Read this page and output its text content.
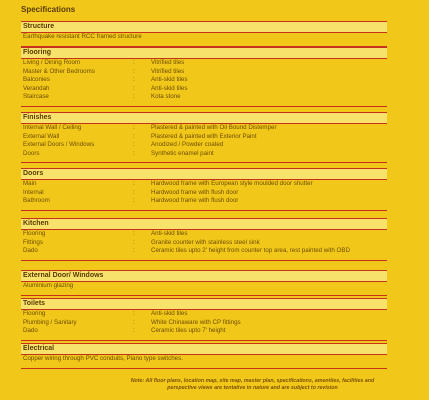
Specifications
Structure
Earthquake resistant RCC framed structure
Flooring
Living / Dining Room	:	Vitrified tiles
Master & Other Bedrooms	:	Vitrified tiles
Balconies	:	Anti-skid tiles
Verandah	:	Anti-skid tiles
Staircase	:	Kota stone
Finishes
Internal Wall / Ceiling	:	Plastered & painted with Oil Bound Distemper
External Wall	:	Plastered & painted with Exterior Paint
External Doors / Windows	:	Anodized / Powder coated
Doors	:	Synthetic enamel paint
Doors
Main	:	Hardwood frame with European style moulded door shutter
Internal	:	Hardwood frame with flush door
Bathroom	:	Hardwood frame with flush door
Kitchen
Flooring	:	Anti-skid tiles
Fittings	:	Granite counter with stainless steel sink
Dado	:	Ceramic tiles upto 2' height from counter top area, rest painted with OBD
External Door/ Windows
Aluminium glazing
Toilets
Flooring	:	Anti-skid tiles
Plumbing / Sanitary	:	White Chinaware with CP fittings
Dado	:	Ceramic tiles upto 7' height
Electrical
Copper wiring through PVC conduits, Piano type switches.
Note: All floor plans, location map, site map, master plan, specifications, amenities, facilities and perspective views are tentative in nature and are subject to revision
